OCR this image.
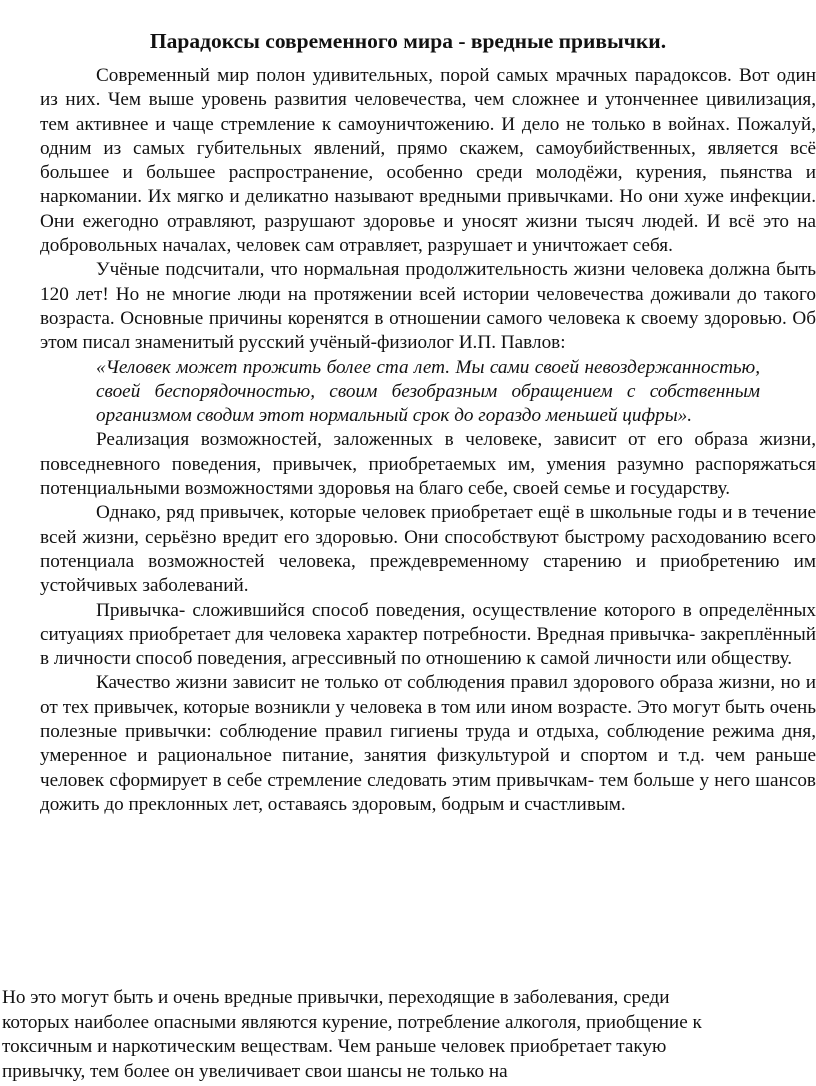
Парадоксы современного мира - вредные привычки.

Современный мир полон удивительных, порой самых мрачных парадоксов. Вот один из них. Чем выше уровень развития человечества, чем сложнее и утонченнее цивилизация, тем активнее и чаще стремление к самоуничтожению. И дело не только в войнах. Пожалуй, одним из самых губительных явлений, прямо скажем, самоубийственных, является всё большее и большее распространение, особенно среди молодёжи, курения, пьянства и наркомании. Их мягко и деликатно называют вредными привычками. Но они хуже инфекции. Они ежегодно отравляют, разрушают здоровье и уносят жизни тысяч людей. И всё это на добровольных началах, человек сам отравляет, разрушает и уничтожает себя.

Учёные подсчитали, что нормальная продолжительность жизни человека должна быть 120 лет! Но не многие люди на протяжении всей истории человечества доживали до такого возраста. Основные причины коренятся в отношении самого человека к своему здоровью. Об этом писал знаменитый русский учёный-физиолог И.П. Павлов:

«Человек может прожить более ста лет. Мы сами своей невоздержанностью, своей беспорядочностью, своим безобразным обращением с собственным организмом сводим этот нормальный срок до гораздо меньшей цифры».

Реализация возможностей, заложенных в человеке, зависит от его образа жизни, повседневного поведения, привычек, приобретаемых им, умения разумно распоряжаться потенциальными возможностями здоровья на благо себе, своей семье и государству.

Однако, ряд привычек, которые человек приобретает ещё в школьные годы и в течение всей жизни, серьёзно вредит его здоровью. Они способствуют быстрому расходованию всего потенциала возможностей человека, преждевременному старению и приобретению им устойчивых заболеваний.

Привычка- сложившийся способ поведения, осуществление которого в определённых ситуациях приобретает для человека характер потребности. Вредная привычка- закреплённый в личности способ поведения, агрессивный по отношению к самой личности или обществу.

Качество жизни зависит не только от соблюдения правил здорового образа жизни, но и от тех привычек, которые возникли у человека в том или ином возрасте. Это могут быть очень полезные привычки: соблюдение правил гигиены труда и отдыха, соблюдение режима дня, умеренное и рациональное питание, занятия физкультурой и спортом и т.д. чем раньше человек сформирует в себе стремление следовать этим привычкам- тем больше у него шансов дожить до преклонных лет, оставаясь здоровым, бодрым и счастливым.

Но это могут быть и очень вредные привычки, переходящие в заболевания, среди

которых наиболее опасными являются курение, потребление алкоголя, приобщение к

токсичным и наркотическим веществам. Чем раньше человек приобретает такую

привычку, тем более он увеличивает свои шансы не только на
